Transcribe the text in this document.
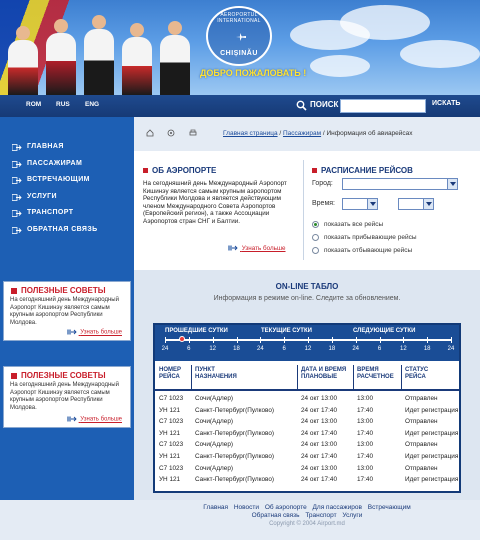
AEROPORTUL INTERNATIONAL
CHIȘINĂU
ДОБРО ПОЖАЛОВАТЬ !
ROM RUS ENG	ПОИСК	ИСКАТЬ
ГЛАВНАЯ
ПАССАЖИРАМ
ВСТРЕЧАЮЩИМ
УСЛУГИ
ТРАНСПОРТ
ОБРАТНАЯ СВЯЗЬ
ПОЛЕЗНЫЕ СОВЕТЫ
На сегодняшний день Международный Аэропорт Кишинэу является самым крупным аэропортом Республики Молдова.
Узнать больше
ПОЛЕЗНЫЕ СОВЕТЫ
На сегодняшний день Международный Аэропорт Кишинэу является самым крупным аэропортом Республики Молдова.
Узнать больше
Главная страница / Пассажирам / Информация об авиарейсах
ОБ АЭРОПОРТЕ
На сегодняшний день Международный Аэропорт Кишинэу является самым крупным аэропортом Республики Молдова и является действующим членом Международного Совета Аэропортов (Европейский регион), а также Ассоциации Аэропортов стран СНГ и Балтии.
Узнать больше
РАСПИСАНИЕ РЕЙСОВ
Город:
Время:
показать все рейсы
показать прибывающие рейсы
показать отбывающие рейсы
ON-LINE ТАБЛО
Информация в режиме on-line. Следите за обновлением.
ПРОШЕДШИЕ СУТКИ	ТЕКУЩИЕ СУТКИ	СЛЕДУЮЩИЕ СУТКИ
24	6	12	18	24	6	12	18	24	6	12	18	24
НОМЕР
РЕЙСА
ПУНКТ
НАЗНАЧЕНИЯ
ДАТА И ВРЕМЯ
ПЛАНОВЫЕ
ВРЕМЯ
РАСЧЕТНОЕ
СТАТУС
РЕЙСА
C7 1023 Сочи(Адлер)	24 окт 13:00	13:00	Отправлен
УН 121 Санкт-Петербург(Пулково)	24 окт 17:40	17:40	Идет регистрация
C7 1023 Сочи(Адлер)	24 окт 13:00	13:00	Отправлен
УН 121 Санкт-Петербург(Пулково)	24 окт 17:40	17:40	Идет регистрация
C7 1023 Сочи(Адлер)	24 окт 13:00	13:00	Отправлен
УН 121 Санкт-Петербург(Пулково)	24 окт 17:40	17:40	Идет регистрация
C7 1023 Сочи(Адлер)	24 окт 13:00	13:00	Отправлен
УН 121 Санкт-Петербург(Пулково)	24 окт 17:40	17:40	Идет регистрация
Главная Новости Об аэропорте Для пассажиров Встречающим
Обратная связь Транспорт Услуги
Copyright © 2004 Airport.md
